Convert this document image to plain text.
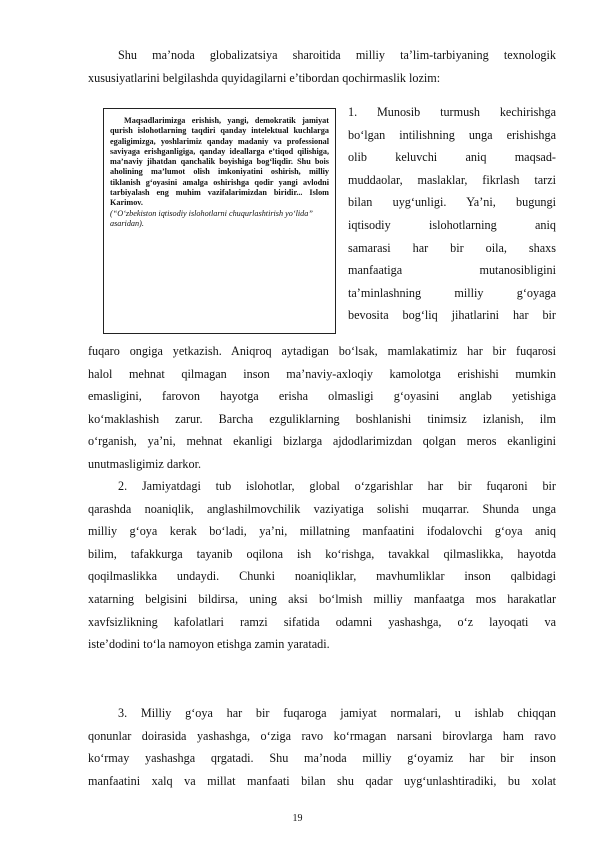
Shu ma’noda globalizatsiya sharoitida milliy ta’lim-tarbiyaning texnologik
xususiyatlarini belgilashda quyidagilarni e’tibordan qochirmaslik lozim:

Maqsadlarimizga erishish, yangi, demokratik jamiyat qurish islohotlarning taqdiri qanday intelektual kuchlarga egaligimizga, yoshlarimiz qanday madaniy va professional saviyaga erishganligiga, qanday ideallarga e’tiqod qilishiga, ma’naviy jihatdan qanchalik boyishiga bog‘liqdir. Shu bois aholining ma’lumot olish imkoniyatini oshirish, milliy tiklanish g‘oyasini amalga oshirishga qodir yangi avlodni tarbiyalash eng muhim vazifalarimizdan biridir... Islom Karimov.

(“O‘zbekiston iqtisodiy islohotlarni chuqurlashtirish yo‘lida” asaridan).

1. Munosib turmush kechirishga
bo‘lgan intilishning unga erishishga
olib keluvchi aniq maqsad-
muddaolar, maslaklar, fikrlash tarzi
bilan uyg‘unligi. Ya’ni, bugungi
iqtisodiy islohotlarning aniq
samarasi har bir oila, shaxs
manfaatiga mutanosibligini
ta’minlashning milliy g‘oyaga
bevosita bog‘liq jihatlarini har bir

fuqaro ongiga yetkazish. Aniqroq aytadigan bo‘lsak, mamlakatimiz har bir fuqarosi
halol mehnat qilmagan inson ma’naviy-axloqiy kamolotga erishishi mumkin
emasligini, farovon hayotga erisha olmasligi g‘oyasini anglab yetishiga
ko‘maklashish zarur. Barcha ezguliklarning boshlanishi tinimsiz izlanish, ilm
o‘rganish, ya’ni, mehnat ekanligi bizlarga ajdodlarimizdan qolgan meros ekanligini
unutmasligimiz darkor.

2. Jamiyatdagi tub islohotlar, global o‘zgarishlar har bir fuqaroni bir
qarashda noaniqlik, anglashilmovchilik vaziyatiga solishi muqarrar. Shunda unga
milliy g‘oya kerak bo‘ladi, ya’ni, millatning manfaatini ifodalovchi g‘oya aniq
bilim, tafakkurga tayanib oqilona ish ko‘rishga, tavakkal qilmaslikka, hayotda
qoqilmaslikka undaydi. Chunki noaniqliklar, mavhumliklar inson qalbidagi
xatarning belgisini bildirsa, uning aksi bo‘lmish milliy manfaatga mos harakatlar
xavfsizlikning kafolatlari ramzi sifatida odamni yashashga, o‘z layoqati va
iste’dodini to‘la namoyon etishga zamin yaratadi.

3. Milliy g‘oya har bir fuqaroga jamiyat normalari, u ishlab chiqqan
qonunlar doirasida yashashga, o‘ziga ravo ko‘rmagan narsani birovlarga ham ravo
ko‘rmay yashashga qrgatadi. Shu ma’noda milliy g‘oyamiz har bir inson
manfaatini xalq va millat manfaati bilan shu qadar uyg‘unlashtiradiki, bu xolat

19
